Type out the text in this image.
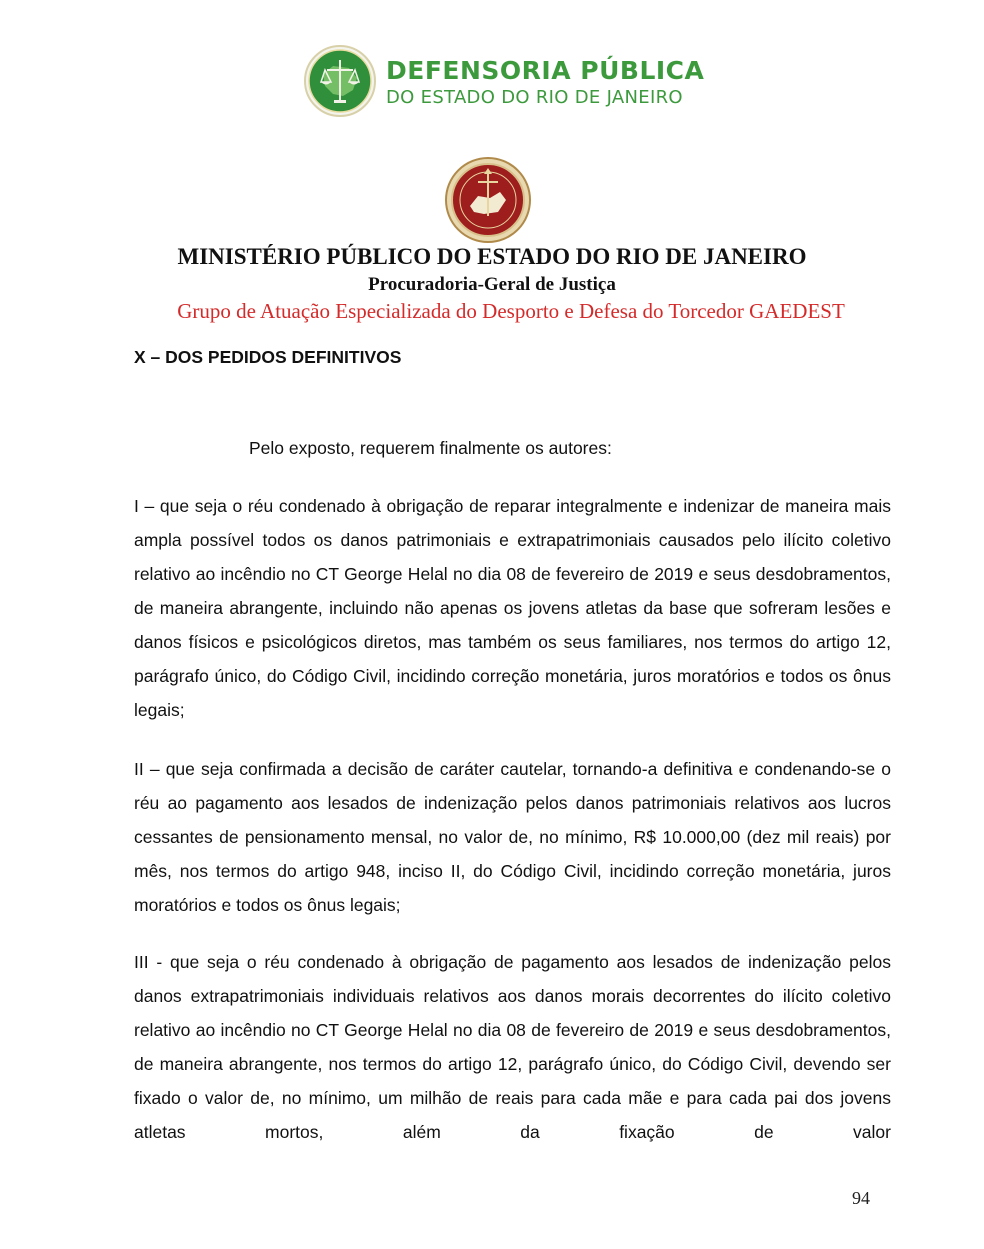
DEFENSORIA PÚBLICA
DO ESTADO DO RIO DE JANEIRO
MINISTÉRIO PÚBLICO DO ESTADO DO RIO DE JANEIRO
Procuradoria-Geral de Justiça
Grupo de Atuação Especializada do Desporto e Defesa do Torcedor GAEDEST
X – DOS PEDIDOS DEFINITIVOS
Pelo exposto, requerem finalmente os autores:

I – que seja o réu condenado à obrigação de reparar integralmente e indenizar de maneira mais ampla possível todos os danos patrimoniais e extrapatrimoniais causados pelo ilícito coletivo relativo ao incêndio no CT George Helal no dia 08 de fevereiro de 2019 e seus desdobramentos, de maneira abrangente, incluindo não apenas os jovens atletas da base que sofreram lesões e danos físicos e psicológicos diretos, mas também os seus familiares, nos termos do artigo 12, parágrafo único, do Código Civil, incidindo correção monetária, juros moratórios e todos os ônus legais;

II – que seja confirmada a decisão de caráter cautelar, tornando-a definitiva e condenando-se o réu ao pagamento aos lesados de indenização pelos danos patrimoniais relativos aos lucros cessantes de pensionamento mensal, no valor de, no mínimo, R$ 10.000,00 (dez mil reais) por mês, nos termos do artigo 948, inciso II, do Código Civil, incidindo correção monetária, juros moratórios e todos os ônus legais;

III - que seja o réu condenado à obrigação de pagamento aos lesados de indenização pelos danos extrapatrimoniais individuais relativos aos danos morais decorrentes do ilícito coletivo relativo ao incêndio no CT George Helal no dia 08 de fevereiro de 2019 e seus desdobramentos, de maneira abrangente, nos termos do artigo 12, parágrafo único, do Código Civil, devendo ser fixado o valor de, no mínimo, um milhão de reais para cada mãe e para cada pai dos jovens atletas mortos, além da fixação de valor

94
